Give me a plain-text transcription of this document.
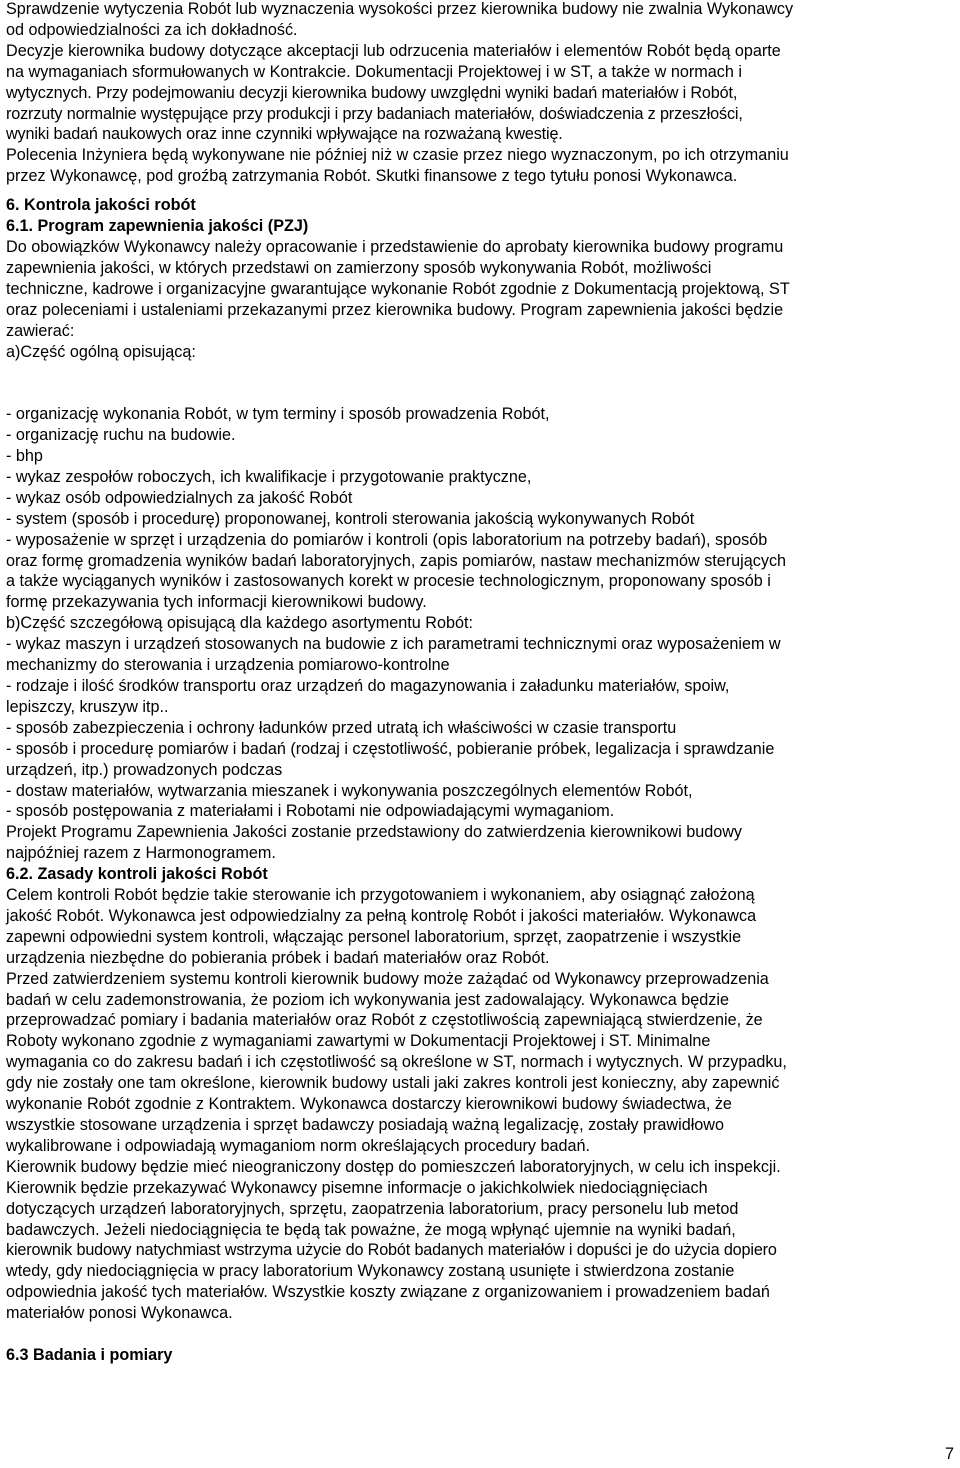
Sprawdzenie wytyczenia Robót lub wyznaczenia wysokości przez kierownika budowy nie zwalnia Wykonawcy
od odpowiedzialności za ich dokładność.
Decyzje kierownika budowy dotyczące akceptacji lub odrzucenia materiałów i elementów Robót będą oparte
na wymaganiach sformułowanych w Kontrakcie. Dokumentacji Projektowej i w ST, a także w normach i
wytycznych. Przy podejmowaniu decyzji kierownika budowy uwzględni wyniki badań materiałów i Robót,
rozrzuty normalnie występujące przy produkcji i przy badaniach materiałów, doświadczenia z przeszłości,
wyniki badań naukowych oraz inne czynniki wpływające na rozważaną kwestię.
Polecenia Inżyniera będą wykonywane nie później niż w czasie przez niego wyznaczonym, po ich otrzymaniu
przez Wykonawcę, pod groźbą zatrzymania Robót. Skutki finansowe z tego tytułu ponosi Wykonawca.
6. Kontrola jakości robót
6.1. Program zapewnienia jakości (PZJ)
Do obowiązków Wykonawcy należy opracowanie i przedstawienie do aprobaty kierownika budowy programu
zapewnienia jakości, w których przedstawi on zamierzony sposób wykonywania Robót, możliwości
techniczne, kadrowe i organizacyjne gwarantujące wykonanie Robót zgodnie z Dokumentacją projektową, ST
oraz poleceniami i ustaleniami przekazanymi przez kierownika budowy. Program zapewnienia jakości będzie
zawierać:
a)Część ogólną opisującą:
- organizację wykonania Robót, w tym terminy i sposób prowadzenia Robót,
- organizację ruchu na budowie.
- bhp
- wykaz zespołów roboczych, ich kwalifikacje i przygotowanie praktyczne,
- wykaz osób odpowiedzialnych za jakość Robót
- system (sposób i procedurę) proponowanej, kontroli sterowania jakością wykonywanych Robót
- wyposażenie w sprzęt i urządzenia do pomiarów i kontroli (opis laboratorium na potrzeby badań), sposób
oraz formę gromadzenia wyników badań laboratoryjnych, zapis pomiarów, nastaw mechanizmów sterujących
a także wyciąganych wyników i zastosowanych korekt w procesie technologicznym, proponowany sposób i
formę przekazywania tych informacji kierownikowi budowy.
b)Część szczegółową opisującą dla każdego asortymentu Robót:
- wykaz maszyn i urządzeń stosowanych na budowie z ich parametrami technicznymi oraz wyposażeniem w
mechanizmy do sterowania i urządzenia pomiarowo-kontrolne
- rodzaje i ilość środków transportu oraz urządzeń do magazynowania i załadunku materiałów, spoiw,
lepiszczy, kruszyw itp..
- sposób zabezpieczenia i ochrony ładunków przed utratą ich właściwości w czasie transportu
- sposób i procedurę pomiarów i badań (rodzaj i częstotliwość, pobieranie próbek, legalizacja i sprawdzanie
urządzeń, itp.) prowadzonych podczas
- dostaw materiałów, wytwarzania mieszanek i wykonywania poszczególnych elementów Robót,
- sposób postępowania z materiałami i Robotami nie odpowiadającymi wymaganiom.
Projekt Programu Zapewnienia Jakości zostanie przedstawiony do zatwierdzenia kierownikowi budowy
najpóźniej razem z Harmonogramem.
6.2. Zasady kontroli jakości Robót
Celem kontroli Robót będzie takie sterowanie ich przygotowaniem i wykonaniem, aby osiągnąć założoną
jakość Robót. Wykonawca jest odpowiedzialny za pełną kontrolę Robót i jakości materiałów. Wykonawca
zapewni odpowiedni system kontroli, włączając personel laboratorium, sprzęt, zaopatrzenie i wszystkie
urządzenia niezbędne do pobierania próbek i badań materiałów oraz Robót.
Przed zatwierdzeniem systemu kontroli kierownik budowy może zażądać od Wykonawcy przeprowadzenia
badań w celu zademonstrowania, że poziom ich wykonywania jest zadowalający. Wykonawca będzie
przeprowadzać pomiary i badania materiałów oraz Robót z częstotliwością zapewniającą stwierdzenie, że
Roboty wykonano zgodnie z wymaganiami zawartymi w Dokumentacji Projektowej i ST. Minimalne
wymagania co do zakresu badań i ich częstotliwość są określone w ST, normach i wytycznych. W przypadku,
gdy nie zostały one tam określone, kierownik budowy ustali jaki zakres kontroli jest konieczny, aby zapewnić
wykonanie Robót zgodnie z Kontraktem. Wykonawca dostarczy kierownikowi budowy świadectwa, że
wszystkie stosowane urządzenia i sprzęt badawczy posiadają ważną legalizację, zostały prawidłowo
wykalibrowane i odpowiadają wymaganiom norm określających procedury badań.
Kierownik budowy będzie mieć nieograniczony dostęp do pomieszczeń laboratoryjnych, w celu ich inspekcji.
Kierownik będzie przekazywać Wykonawcy pisemne informacje o jakichkolwiek niedociągnięciach
dotyczących urządzeń laboratoryjnych, sprzętu, zaopatrzenia laboratorium, pracy personelu lub metod
badawczych. Jeżeli niedociągnięcia te będą tak poważne, że mogą wpłynąć ujemnie na wyniki badań,
kierownik budowy natychmiast wstrzyma użycie do Robót badanych materiałów i dopuści je do użycia dopiero
wtedy, gdy niedociągnięcia w pracy laboratorium Wykonawcy zostaną usunięte i stwierdzona zostanie
odpowiednia jakość tych materiałów. Wszystkie koszty związane z organizowaniem i prowadzeniem badań
materiałów ponosi Wykonawca.
6.3 Badania i pomiary
7
